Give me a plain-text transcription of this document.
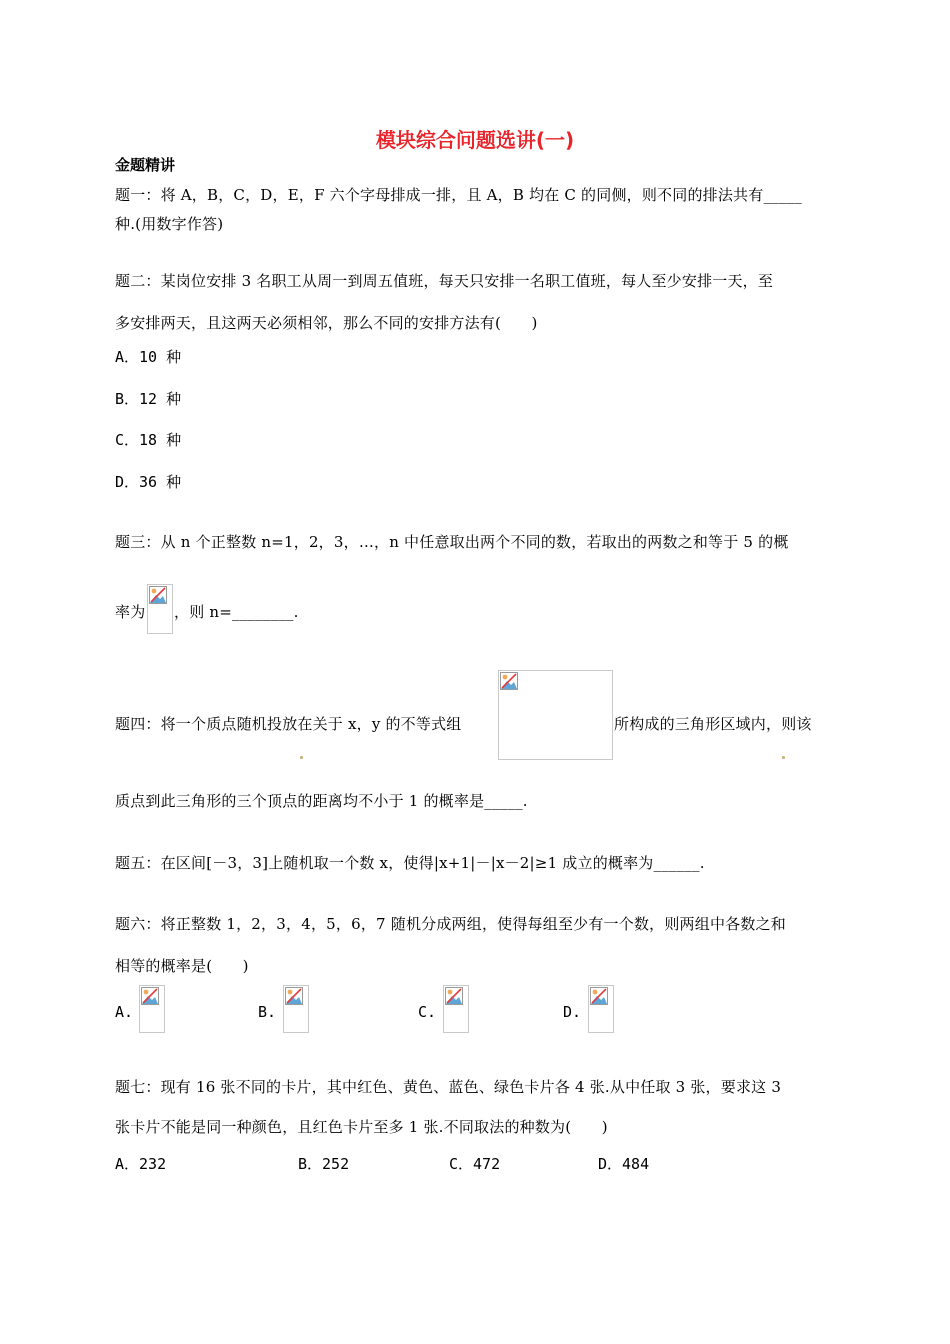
模块综合问题选讲(一)
金题精讲
题一：将 A，B，C，D，E，F 六个字母排成一排，且 A，B 均在 C 的同侧，则不同的排法共有_____
种.(用数字作答)
题二：某岗位安排 3 名职工从周一到周五值班，每天只安排一名职工值班，每人至少安排一天，至
多安排两天，且这两天必须相邻，那么不同的安排方法有(　　)
A．10 种
B．12 种
C．18 种
D．36 种
题三：从 n 个正整数 n=1，2，3，…，n 中任意取出两个不同的数，若取出的两数之和等于 5 的概
率为 ，则 n=________.
题四：将一个质点随机投放在关于 x，y 的不等式组	所构成的三角形区域内，则该
质点到此三角形的三个顶点的距离均不小于 1 的概率是_____.
题五：在区间[－3，3]上随机取一个数 x，使得|x+1|－|x－2|≥1 成立的概率为______.
题六：将正整数 1，2，3，4，5，6，7 随机分成两组，使得每组至少有一个数，则两组中各数之和
相等的概率是(　　)
A.	B.	C.	D.
题七：现有 16 张不同的卡片，其中红色、黄色、蓝色、绿色卡片各 4 张.从中任取 3 张，要求这 3
张卡片不能是同一种颜色，且红色卡片至多 1 张.不同取法的种数为(　　)
A．232	B．252	C．472	D．484
